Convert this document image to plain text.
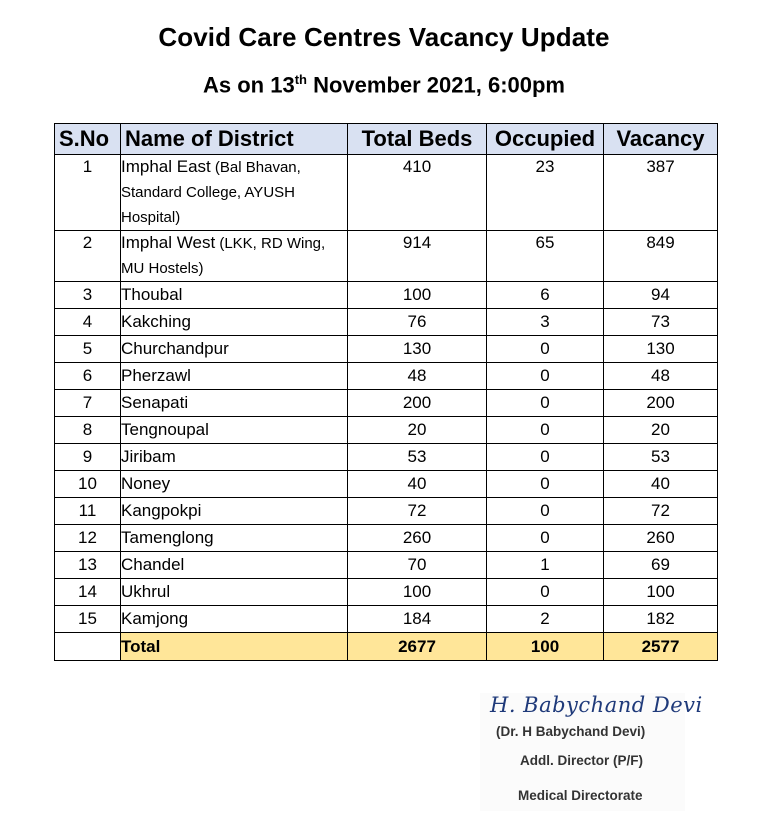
Covid Care Centres Vacancy Update
As on 13th November 2021, 6:00pm
S.No	Name of District	Total Beds	Occupied	Vacancy
1	Imphal East (Bal Bhavan, Standard College, AYUSH Hospital)	410	23	387
2	Imphal West (LKK, RD Wing, MU Hostels)	914	65	849
3	Thoubal	100	6	94
4	Kakching	76	3	73
5	Churchandpur	130	0	130
6	Pherzawl	48	0	48
7	Senapati	200	0	200
8	Tengnoupal	20	0	20
9	Jiribam	53	0	53
10	Noney	40	0	40
11	Kangpokpi	72	0	72
12	Tamenglong	260	0	260
13	Chandel	70	1	69
14	Ukhrul	100	0	100
15	Kamjong	184	2	182
	Total	2677	100	2577
H. Babychand Devi
(Dr. H Babychand Devi)
Addl. Director (P/F)
Medical Directorate
